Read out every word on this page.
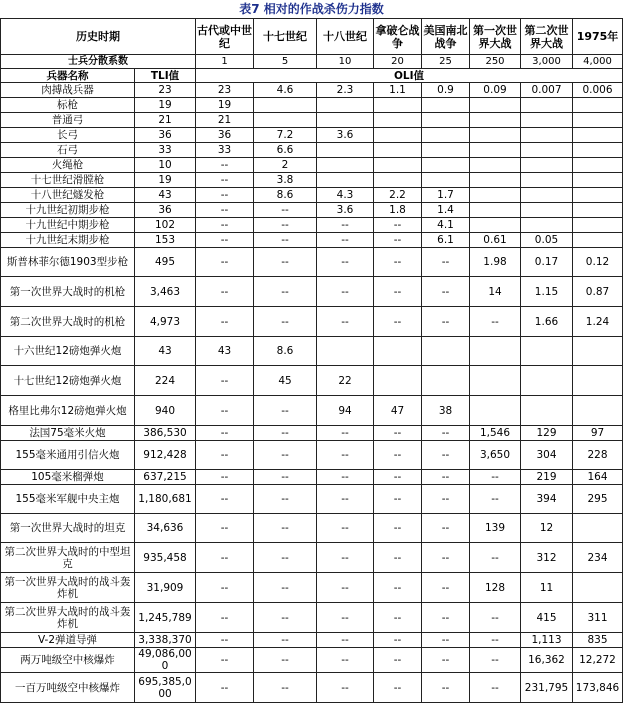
表7 相对的作战杀伤力指数
历史时期		古代或中世纪	十七世纪	十八世纪	拿破仑战争	美国南北战争	第一次世界大战	第二次世界大战	1975年
士兵分散系数		1	5	10	20	25	250	3,000	4,000
兵器名称	TLI值	OLI值							
肉搏战兵器	23	23	4.6	2.3	1.1	0.9	0.09	0.007	0.006
标枪	19	19							
普通弓	21	21							
长弓	36	36	7.2	3.6					
石弓	33	33	6.6						
火绳枪	10	--	2						
十七世纪滑膛枪	19	--	3.8						
十八世纪燧发枪	43	--	8.6	4.3	2.2	1.7			
十九世纪初期步枪	36	--	--	3.6	1.8	1.4			
十九世纪中期步枪	102	--	--	--	--	4.1			
十九世纪末期步枪	153	--	--	--	--	6.1	0.61	0.05	
斯普林菲尔德1903型步枪	495	--	--	--	--	--	1.98	0.17	0.12
第一次世界大战时的机枪	3,463	--	--	--	--	--	14	1.15	0.87
第二次世界大战时的机枪	4,973	--	--	--	--	--	--	1.66	1.24
十六世纪12磅炮弹火炮	43	43	8.6						
十七世纪12磅炮弹火炮	224	--	45	22					
格里比弗尔12磅炮弹火炮	940	--	--	94	47	38			
法国75毫米火炮	386,530	--	--	--	--	--	1,546	129	97
155毫米通用引信火炮	912,428	--	--	--	--	--	3,650	304	228
105毫米榴弹炮	637,215	--	--	--	--	--	--	219	164
155毫米军舰中央主炮	1,180,681	--	--	--	--	--	--	394	295
第一次世界大战时的坦克	34,636	--	--	--	--	--	139	12	
第二次世界大战时的中型坦克	935,458	--	--	--	--	--	--	312	234
第一次世界大战时的战斗轰炸机	31,909	--	--	--	--	--	128	11	
第二次世界大战时的战斗轰炸机	1,245,789	--	--	--	--	--	--	415	311
V-2弹道导弹	3,338,370	--	--	--	--	--	--	1,113	835
两万吨级空中核爆炸	49,086,000	--	--	--	--	--	--	16,362	12,272
一百万吨级空中核爆炸	695,385,000	--	--	--	--	--	--	231,795	173,846
